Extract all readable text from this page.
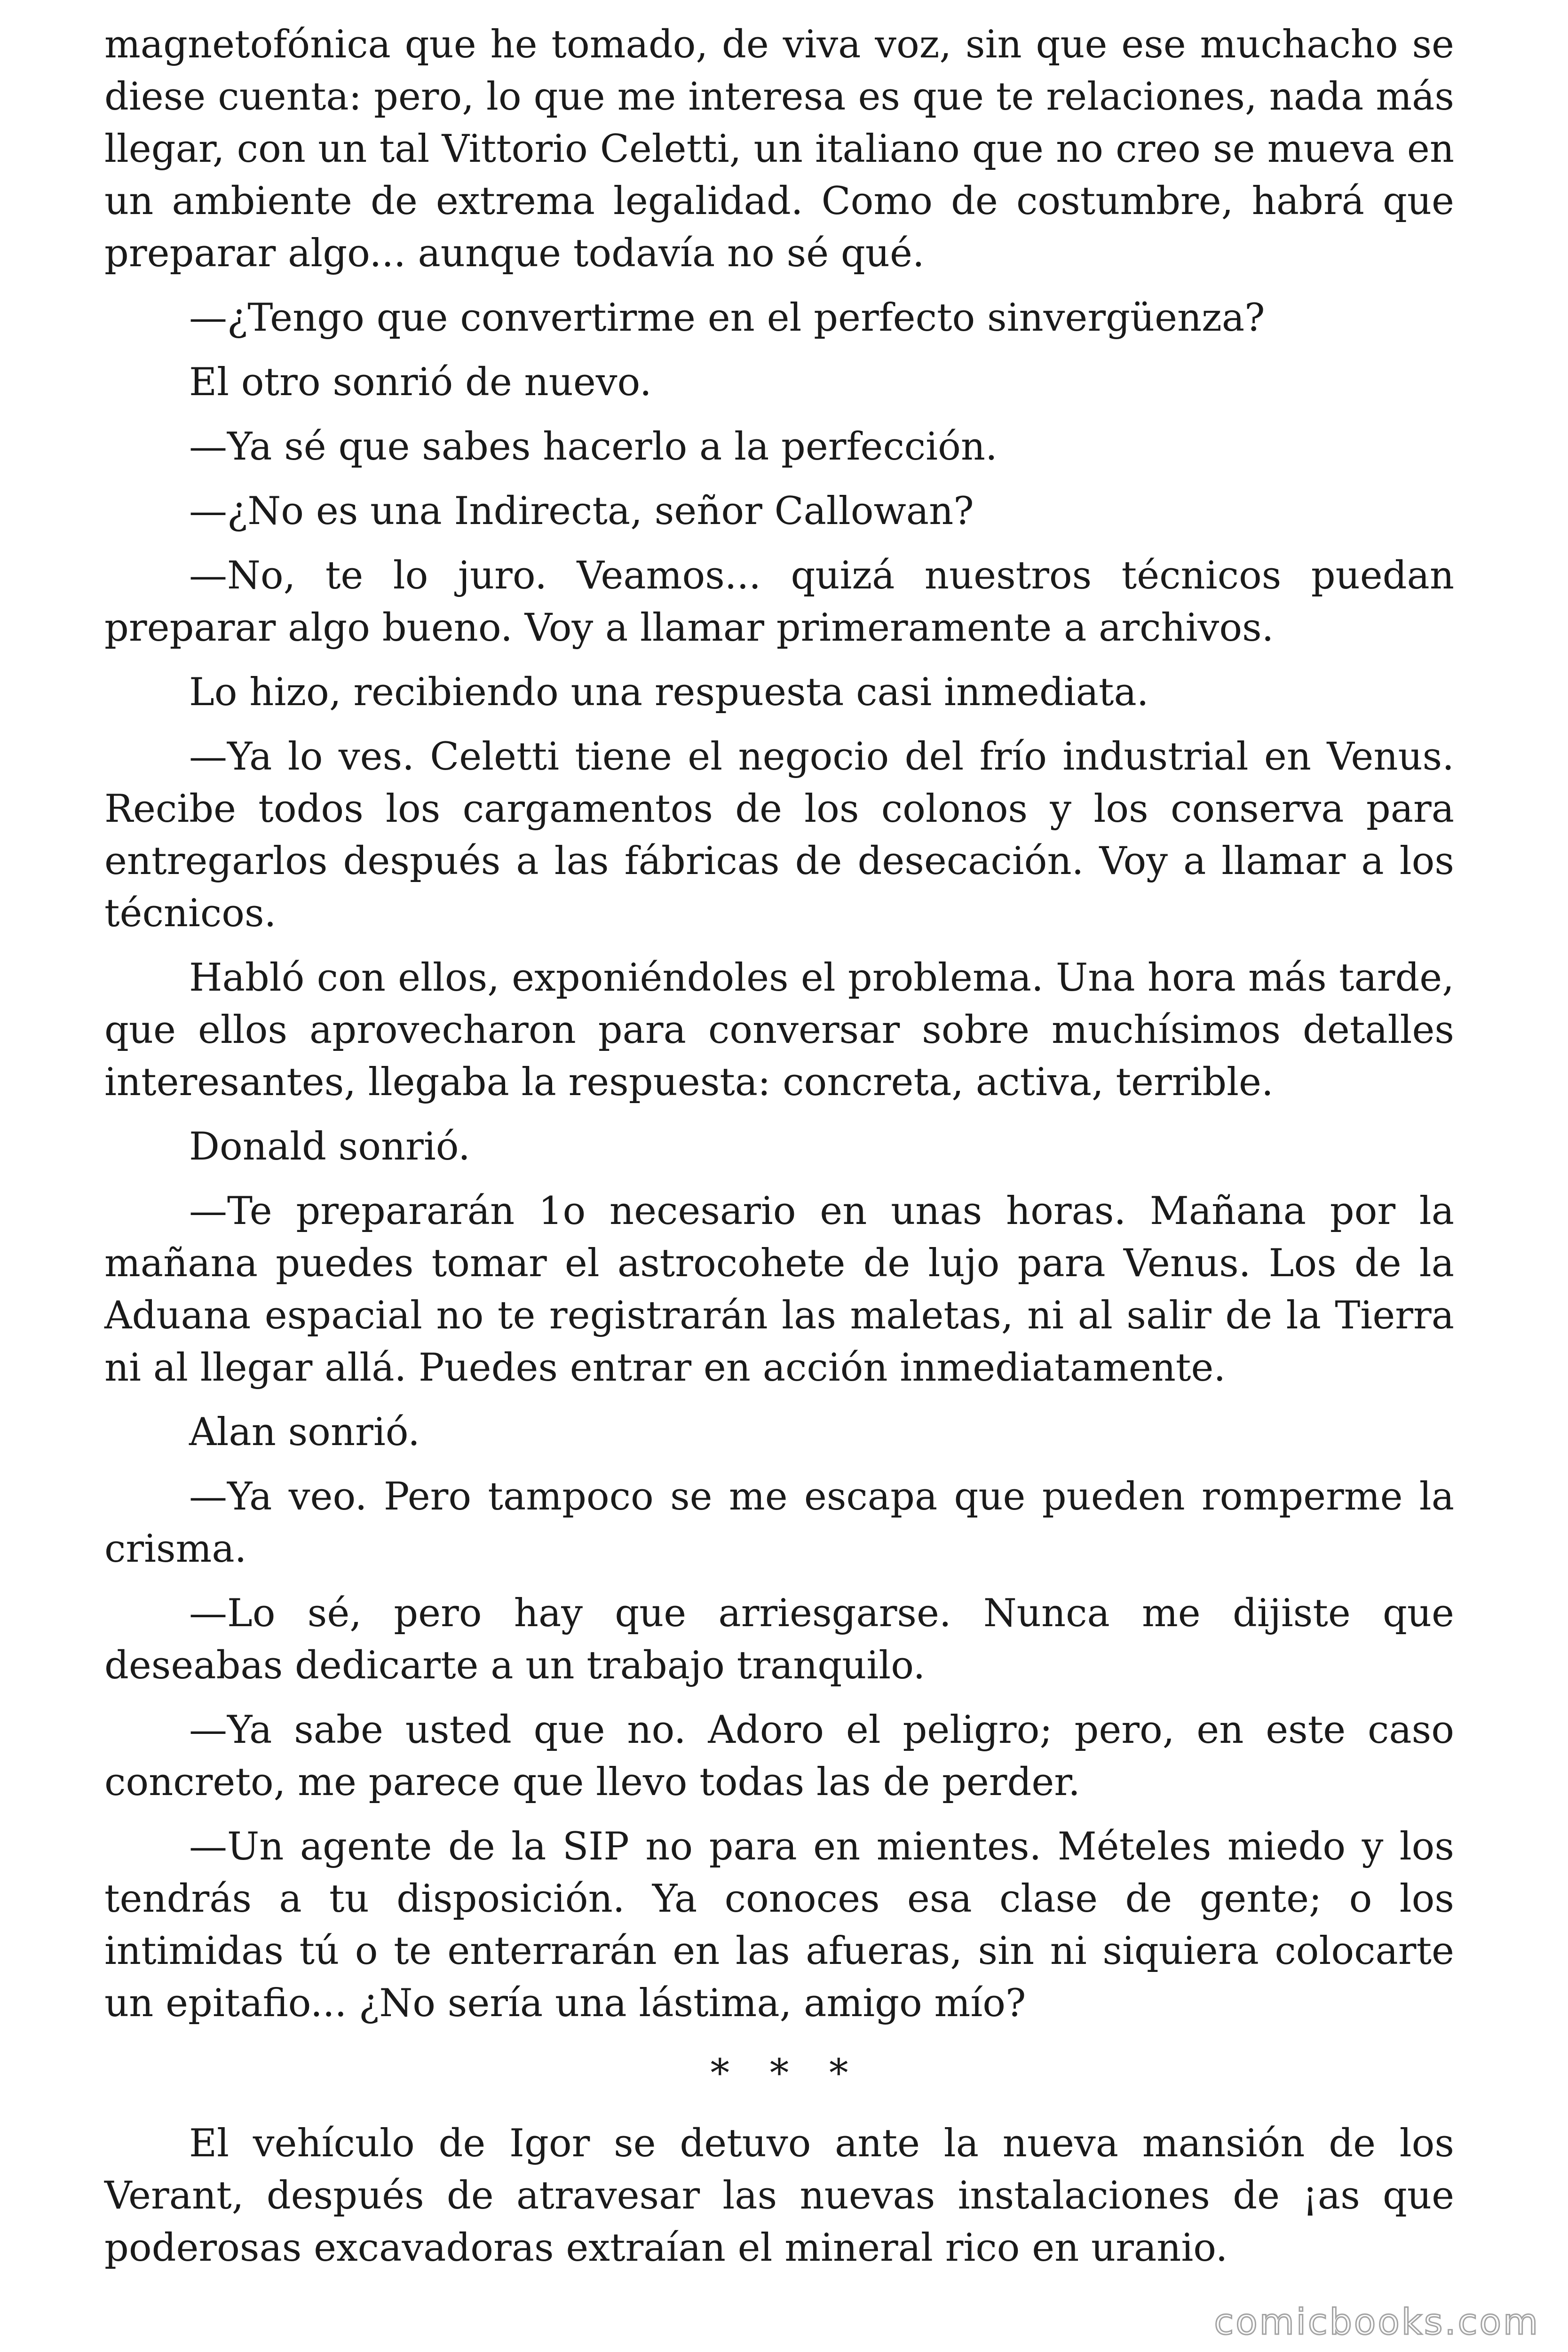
magnetofónica que he tomado, de viva voz, sin que ese muchacho se diese cuenta: pero, lo que me interesa es que te relaciones, nada más llegar, con un tal Vittorio Celetti, un italiano que no creo se mueva en un ambiente de extrema legalidad. Como de costumbre, habrá que preparar algo... aunque todavía no sé qué.

—¿Tengo que convertirme en el perfecto sinvergüenza?

El otro sonrió de nuevo.

—Ya sé que sabes hacerlo a la perfección.

—¿No es una Indirecta, señor Callowan?

—No, te lo juro. Veamos... quizá nuestros técnicos puedan preparar algo bueno. Voy a llamar primeramente a archivos.

Lo hizo, recibiendo una respuesta casi inmediata.

—Ya lo ves. Celetti tiene el negocio del frío industrial en Venus. Recibe todos los cargamentos de los colonos y los conserva para entregarlos después a las fábricas de desecación. Voy a llamar a los técnicos.

Habló con ellos, exponiéndoles el problema. Una hora más tarde, que ellos aprovecharon para conversar sobre muchísimos detalles interesantes, llegaba la respuesta: concreta, activa, terrible.

Donald sonrió.

—Te prepararán 1o necesario en unas horas. Mañana por la mañana puedes tomar el astrocohete de lujo para Venus. Los de la Aduana espacial no te registrarán las maletas, ni al salir de la Tierra ni al llegar allá. Puedes entrar en acción inmediatamente.

Alan sonrió.

—Ya veo. Pero tampoco se me escapa que pueden romperme la crisma.

—Lo sé, pero hay que arriesgarse. Nunca me dijiste que deseabas dedicarte a un trabajo tranquilo.

—Ya sabe usted que no. Adoro el peligro; pero, en este caso concreto, me parece que llevo todas las de perder.

—Un agente de la SIP no para en mientes. Mételes miedo y los tendrás a tu disposición. Ya conoces esa clase de gente; o los intimidas tú o te enterrarán en las afueras, sin ni siquiera colocarte un epitafio... ¿No sería una lástima, amigo mío?

* * *

El vehículo de Igor se detuvo ante la nueva mansión de los Verant, después de atravesar las nuevas instalaciones de ¡as que poderosas excavadoras extraían el mineral rico en uranio.

comicbooks.com
